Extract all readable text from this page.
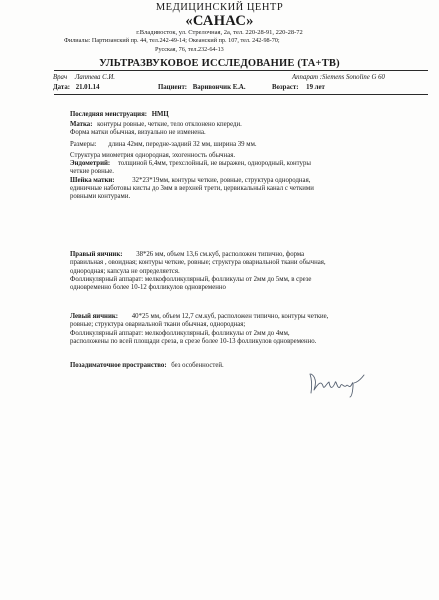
МЕДИЦИНСКИЙ ЦЕНТР
«САНАС»
г.Владивосток, ул. Стрелочная, 2а, тел. 220-28-91, 220-28-72
Филиалы: Партизанский пр. 44, тел.242-49-14; Океанский пр. 107, тел. 242-98-70;
Русская, 76, тел.232-64-13
УЛЬТРАЗВУКОВОЕ ИССЛЕДОВАНИЕ (ТА+ТВ)
Врач Лаптева С.И.	Аппарат :Siemens Sonoline G 60
Дата: 21.01.14	Пациент: Варивончик Е.А.	Возраст: 19 лет
Последняя менструация: НМЦ
Матка: контуры ровные, четкие, тело отклонено кпереди.
Форма матки обычная, визуально не изменена.
Размеры: длина 42мм, передне-задний 32 мм, ширина 39 мм.
Структура миометрия однородная, эхогенность обычная.
Эндометрий: толщиной 6,4мм, трехслойный, не выражен, однородный, контуры
четкие ровные.
Шейка матки:	32*23*19мм, контуры четкие, ровные, структура однородная,
единичные наботовы кисты до 3мм в верхней трети, цервикальный канал с четкими
ровными контурами.
Правый яичник: 38*26 мм, объем 13,6 см.куб, расположен типично, форма
правильная , овоидная; контуры четкие, ровные; структура овариальной ткани обычная,
однородная; капсула не определяется.
Фолликулярный аппарат: мелкофолликулярный, фолликулы от 2мм до 5мм, в срезе
одновременно более 10-12 фолликулов одновременно
Левый яичник: 40*25 мм, объем 12,7 см.куб, расположен типично, контуры четкие,
ровные; структура овариальной ткани обычная, однородная;
Фолликулярный аппарат: мелкофолликулярный, фолликулы от 2мм до 4мм,
расположены по всей площади среза, в срезе более 10-13 фолликулов одновременно.
Позадиматочное пространство: без особенностей.
